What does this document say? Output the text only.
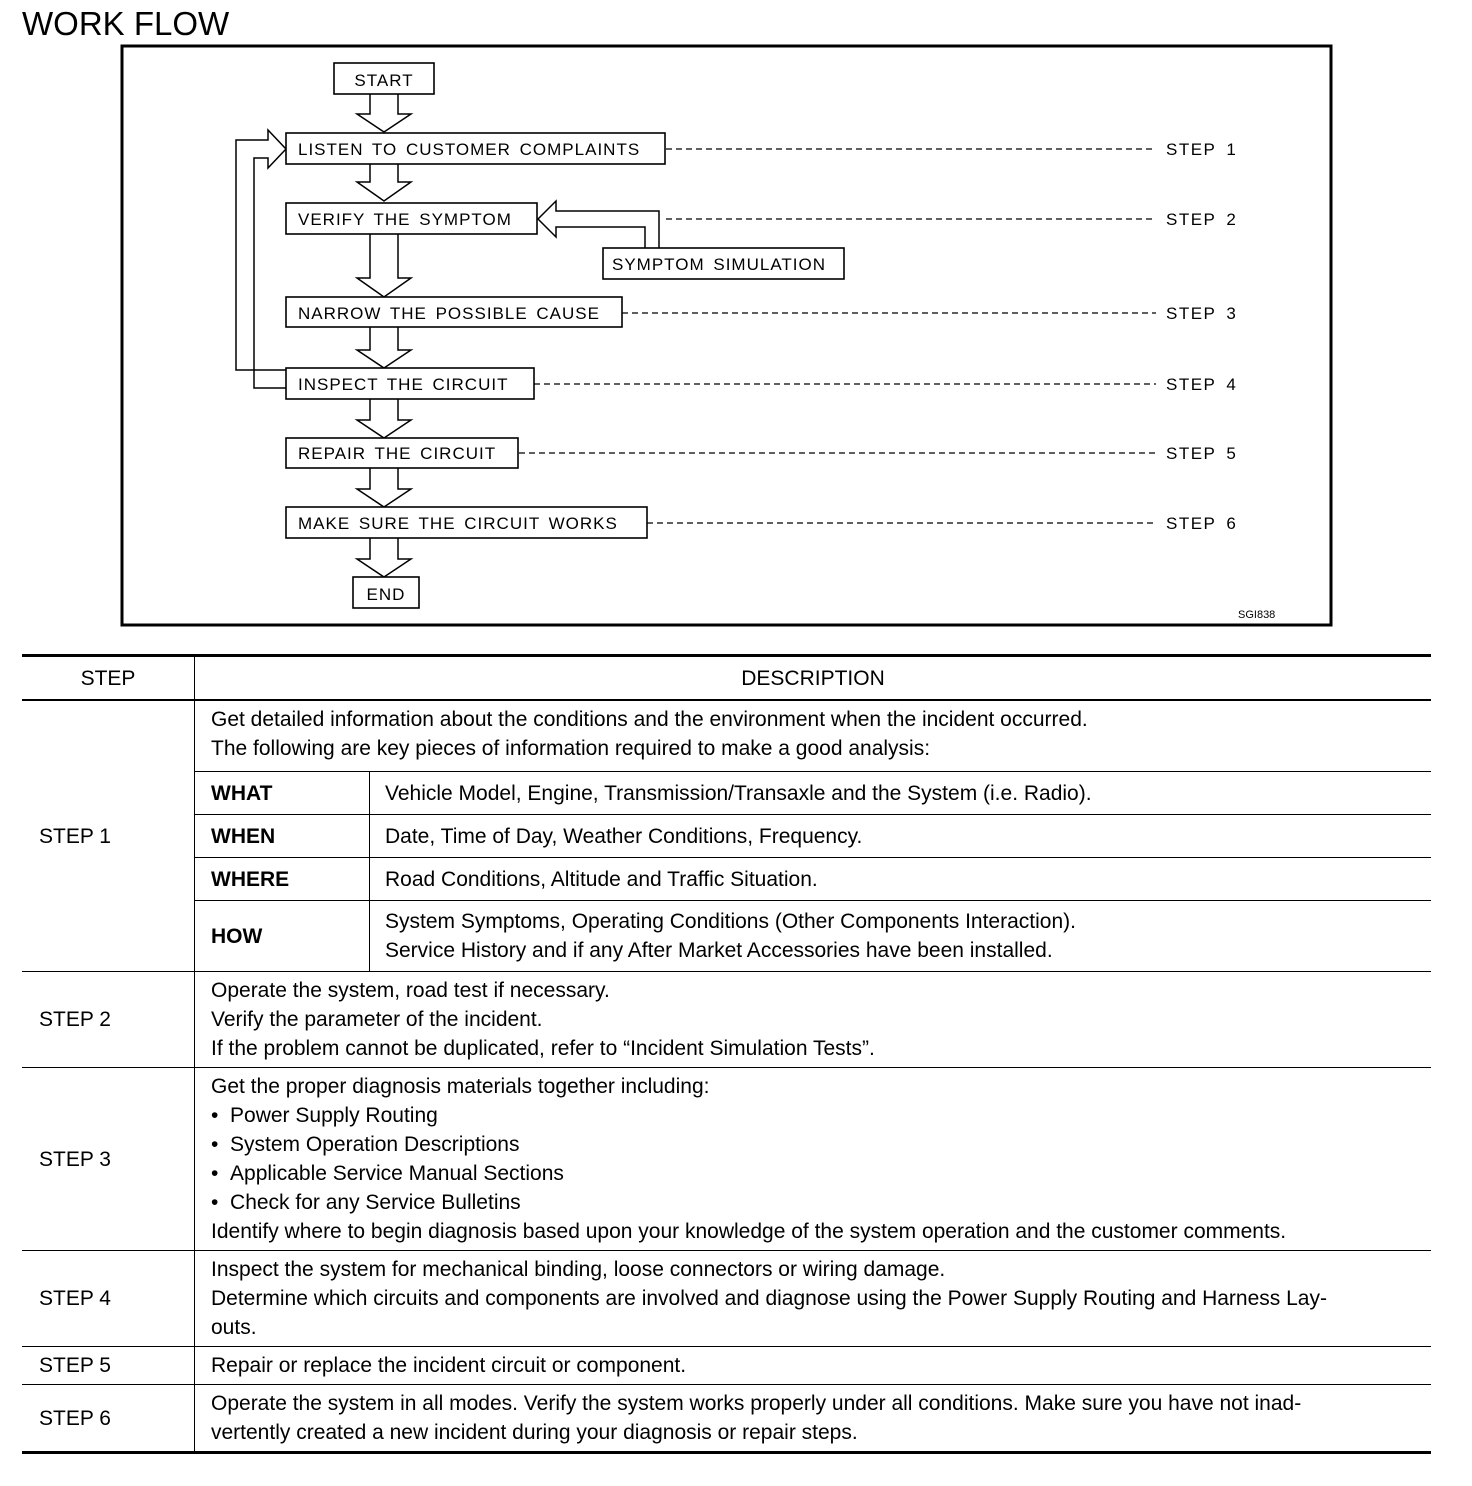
WORK FLOW
START
LISTEN TO CUSTOMER COMPLAINTS
VERIFY THE SYMPTOM
SYMPTOM SIMULATION
NARROW THE POSSIBLE CAUSE
INSPECT THE CIRCUIT
REPAIR THE CIRCUIT
MAKE SURE THE CIRCUIT WORKS
END
STEP 1
STEP 2
STEP 3
STEP 4
STEP 5
STEP 6
SGI838
STEP	DESCRIPTION
STEP 1	
Get detailed information about the conditions and the environment when the incident occurred.
The following are key pieces of information required to make a good analysis:
WHAT	Vehicle Model, Engine, Transmission/Transaxle and the System (i.e. Radio).

WHEN	Date, Time of Day, Weather Conditions, Frequency.

WHERE	Road Conditions, Altitude and Traffic Situation.

HOW	
System Symptoms, Operating Conditions (Other Components Interaction).
Service History and if any After Market Accessories have been installed.

STEP 2	
Operate the system, road test if necessary.
Verify the parameter of the incident.
If the problem cannot be duplicated, refer to “Incident Simulation Tests”.

STEP 3	
Get the proper diagnosis materials together including:
•  Power Supply Routing
•  System Operation Descriptions
•  Applicable Service Manual Sections
•  Check for any Service Bulletins
Identify where to begin diagnosis based upon your knowledge of the system operation and the customer comments.

STEP 4	
Inspect the system for mechanical binding, loose connectors or wiring damage.
Determine which circuits and components are involved and diagnose using the Power Supply Routing and Harness Lay-
outs.

STEP 5	Repair or replace the incident circuit or component.

STEP 6	
Operate the system in all modes. Verify the system works properly under all conditions. Make sure you have not inad-
vertently created a new incident during your diagnosis or repair steps.
